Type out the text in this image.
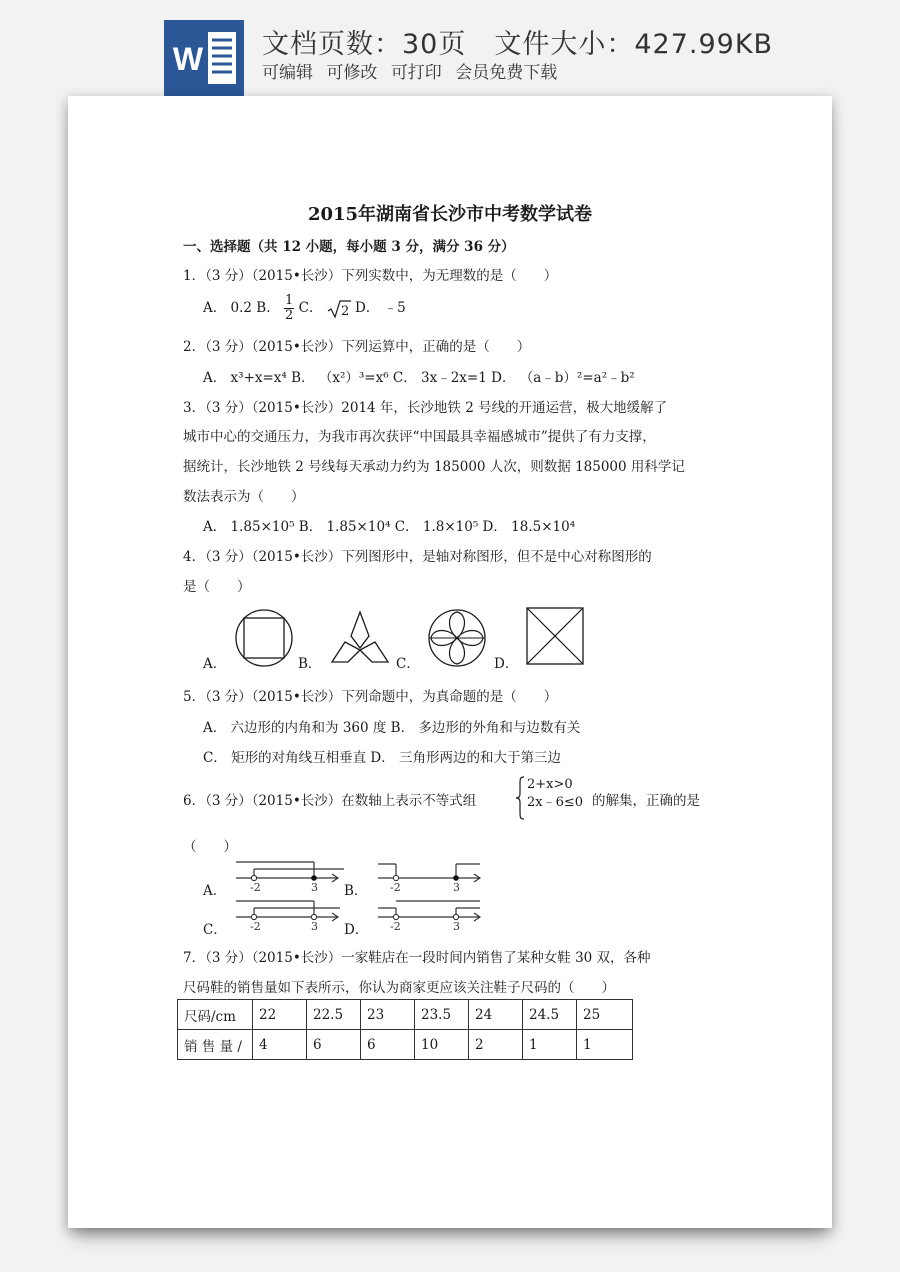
W 文档页数：30页 文件大小：427.99KB
可编辑 可修改 可打印 会员免费下载
2015年湖南省长沙市中考数学试卷
一、选择题（共 12 小题，每小题 3 分，满分 36 分）
1．（3 分）（2015•长沙）下列实数中，为无理数的是（　　）
A． 0.2 B． $\frac{1}{2}$ C． 2 D． ﹣5
2．（3 分）（2015•长沙）下列运算中，正确的是（　　）
A． x³+x=x⁴ B． （x²）³=x⁶ C． 3x﹣2x=1 D． （a﹣b）²=a²﹣b²
3．（3 分）（2015•长沙）2014 年，长沙地铁 2 号线的开通运营，极大地缓解了
城市中心的交通压力，为我市再次获评“中国最具幸福感城市”提供了有力支撑，
据统计，长沙地铁 2 号线每天承动力约为 185000 人次，则数据 185000 用科学记
数法表示为（　　）
A． 1.85×10⁵ B． 1.85×10⁴ C． 1.8×10⁵ D． 18.5×10⁴
4．（3 分）（2015•长沙）下列图形中，是轴对称图形，但不是中心对称图形的
是（　　）
A．	B．	C．	D．
5．（3 分）（2015•长沙）下列命题中，为真命题的是（　　）
A． 六边形的内角和为 360 度 B． 多边形的外角和与边数有关
C． 矩形的对角线互相垂直 D． 三角形两边的和大于第三边
6．（3 分）（2015•长沙）在数轴上表示不等式组
2+x>0
2x﹣6≤0 的解集，正确的是
（　　）
A． -2	3 B． -2	3
C． -2	3 D． -2	3
7．（3 分）（2015•长沙）一家鞋店在一段时间内销售了某种女鞋 30 双，各种
尺码鞋的销售量如下表所示，你认为商家更应该关注鞋子尺码的（　　）
尺码/cm	22	22.5	23	23.5	24	24.5	25
销 售 量 /	4	6	6	10	2	1	1
